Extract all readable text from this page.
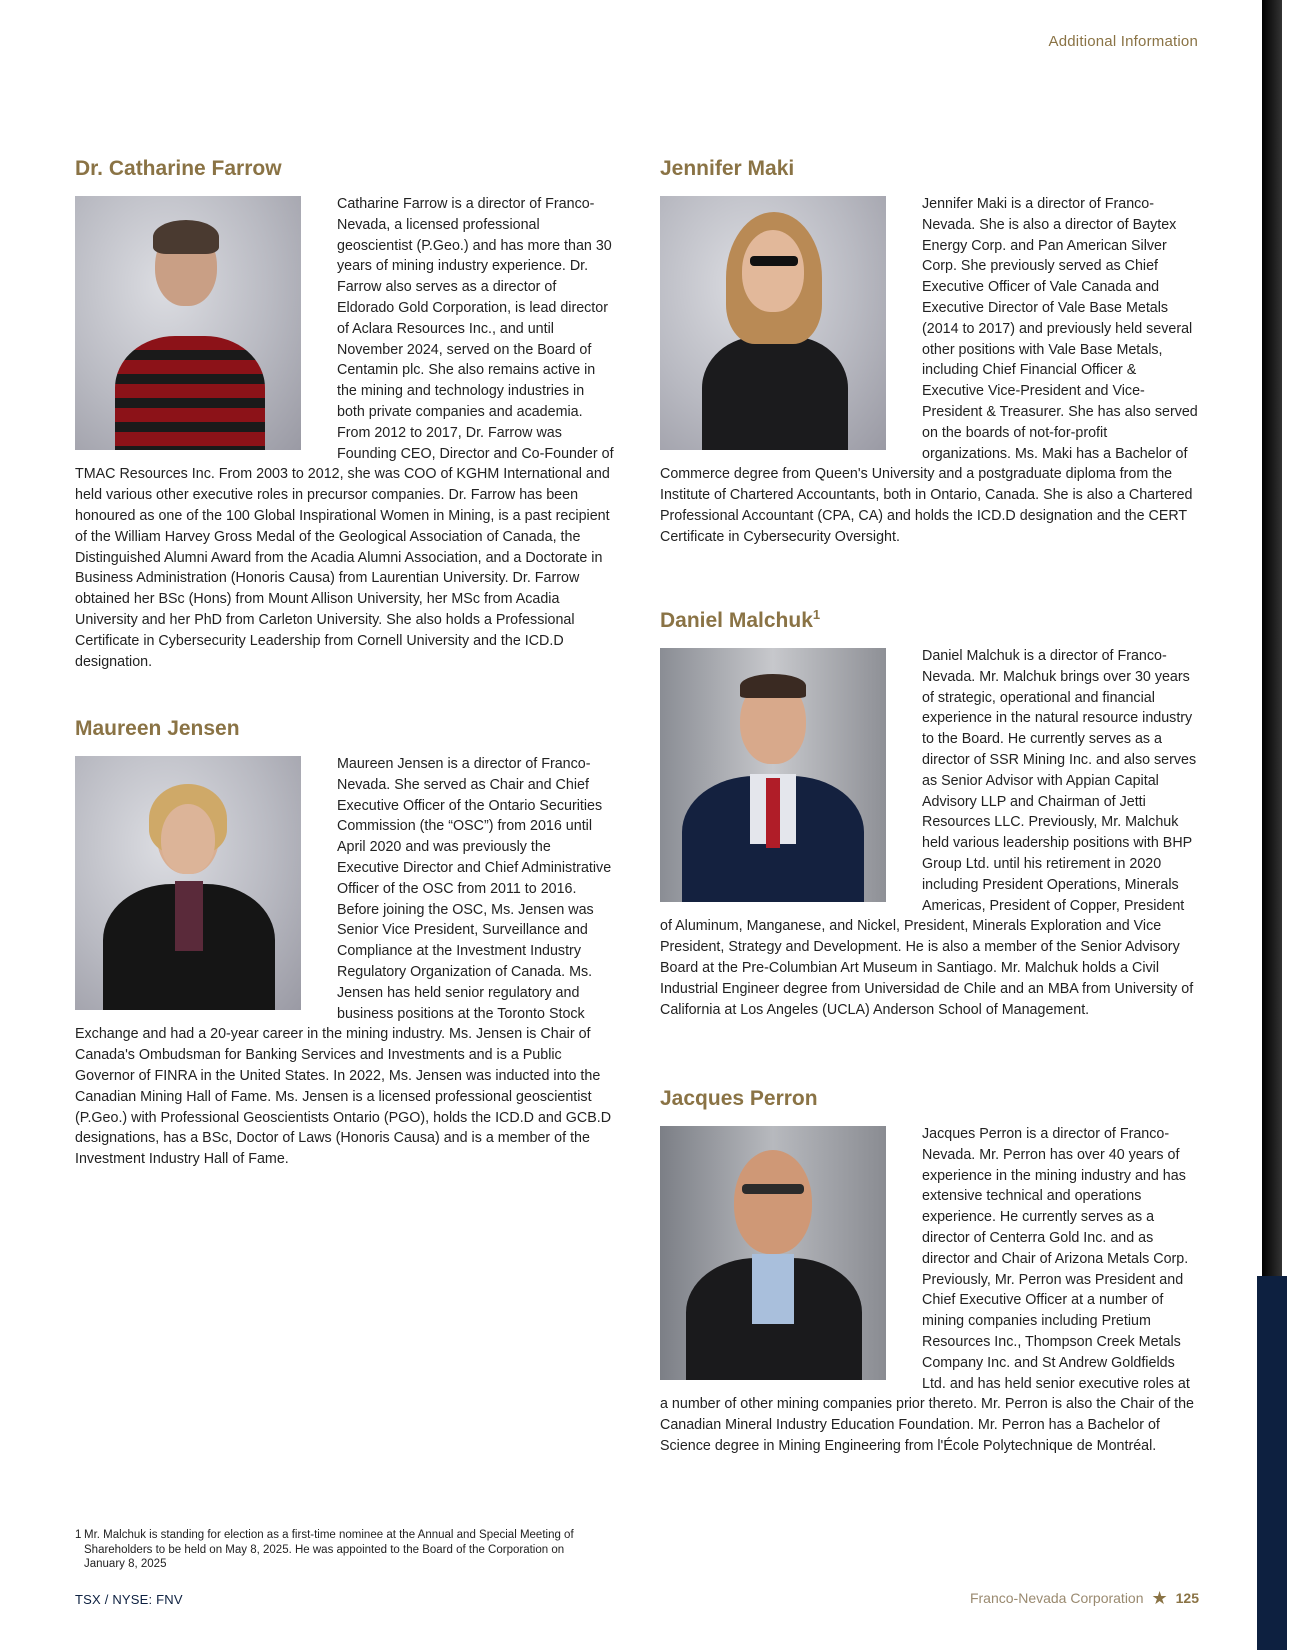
Additional Information
Dr. Catharine Farrow

Catharine Farrow is a director of Franco-Nevada, a licensed professional geoscientist (P.Geo.) and has more than 30 years of mining industry experience. Dr. Farrow also serves as a director of Eldorado Gold Corporation, is lead director of Aclara Resources Inc., and until November 2024, served on the Board of Centamin plc. She also remains active in the mining and technology industries in both private companies and academia. From 2012 to 2017, Dr. Farrow was Founding CEO, Director and Co-Founder of TMAC Resources Inc. From 2003 to 2012, she was COO of KGHM International and held various other executive roles in precursor companies. Dr. Farrow has been honoured as one of the 100 Global Inspirational Women in Mining, is a past recipient of the William Harvey Gross Medal of the Geological Association of Canada, the Distinguished Alumni Award from the Acadia Alumni Association, and a Doctorate in Business Administration (Honoris Causa) from Laurentian University. Dr. Farrow obtained her BSc (Hons) from Mount Allison University, her MSc from Acadia University and her PhD from Carleton University. She also holds a Professional Certificate in Cybersecurity Leadership from Cornell University and the ICD.D designation.

Maureen Jensen

Maureen Jensen is a director of Franco-Nevada. She served as Chair and Chief Executive Officer of the Ontario Securities Commission (the “OSC”) from 2016 until April 2020 and was previously the Executive Director and Chief Administrative Officer of the OSC from 2011 to 2016. Before joining the OSC, Ms. Jensen was Senior Vice President, Surveillance and Compliance at the Investment Industry Regulatory Organization of Canada. Ms. Jensen has held senior regulatory and business positions at the Toronto Stock Exchange and had a 20-year career in the mining industry. Ms. Jensen is Chair of Canada's Ombudsman for Banking Services and Investments and is a Public Governor of FINRA in the United States. In 2022, Ms. Jensen was inducted into the Canadian Mining Hall of Fame. Ms. Jensen is a licensed professional geoscientist (P.Geo.) with Professional Geoscientists Ontario (PGO), holds the ICD.D and GCB.D designations, has a BSc, Doctor of Laws (Honoris Causa) and is a member of the Investment Industry Hall of Fame.

Jennifer Maki

Jennifer Maki is a director of Franco-Nevada. She is also a director of Baytex Energy Corp. and Pan American Silver Corp. She previously served as Chief Executive Officer of Vale Canada and Executive Director of Vale Base Metals (2014 to 2017) and previously held several other positions with Vale Base Metals, including Chief Financial Officer & Executive Vice-President and Vice-President & Treasurer. She has also served on the boards of not-for-profit organizations. Ms. Maki has a Bachelor of Commerce degree from Queen's University and a postgraduate diploma from the Institute of Chartered Accountants, both in Ontario, Canada. She is also a Chartered Professional Accountant (CPA, CA) and holds the ICD.D designation and the CERT Certificate in Cybersecurity Oversight.

Daniel Malchuk$^1$

Daniel Malchuk is a director of Franco-Nevada. Mr. Malchuk brings over 30 years of strategic, operational and financial experience in the natural resource industry to the Board. He currently serves as a director of SSR Mining Inc. and also serves as Senior Advisor with Appian Capital Advisory LLP and Chairman of Jetti Resources LLC. Previously, Mr. Malchuk held various leadership positions with BHP Group Ltd. until his retirement in 2020 including President Operations, Minerals Americas, President of Copper, President of Aluminum, Manganese, and Nickel, President, Minerals Exploration and Vice President, Strategy and Development. He is also a member of the Senior Advisory Board at the Pre-Columbian Art Museum in Santiago. Mr. Malchuk holds a Civil Industrial Engineer degree from Universidad de Chile and an MBA from University of California at Los Angeles (UCLA) Anderson School of Management.

Jacques Perron

Jacques Perron is a director of Franco-Nevada. Mr. Perron has over 40 years of experience in the mining industry and has extensive technical and operations experience. He currently serves as a director of Centerra Gold Inc. and as director and Chair of Arizona Metals Corp. Previously, Mr. Perron was President and Chief Executive Officer at a number of mining companies including Pretium Resources Inc., Thompson Creek Metals Company Inc. and St Andrew Goldfields Ltd. and has held senior executive roles at a number of other mining companies prior thereto. Mr. Perron is also the Chair of the Canadian Mineral Industry Education Foundation. Mr. Perron has a Bachelor of Science degree in Mining Engineering from l'École Polytechnique de Montréal.

1 Mr. Malchuk is standing for election as a first-time nominee at the Annual and Special Meeting of Shareholders to be held on May 8, 2025. He was appointed to the Board of the Corporation on January 8, 2025
TSX / NYSE: FNV	Franco-Nevada Corporation ★ 125
